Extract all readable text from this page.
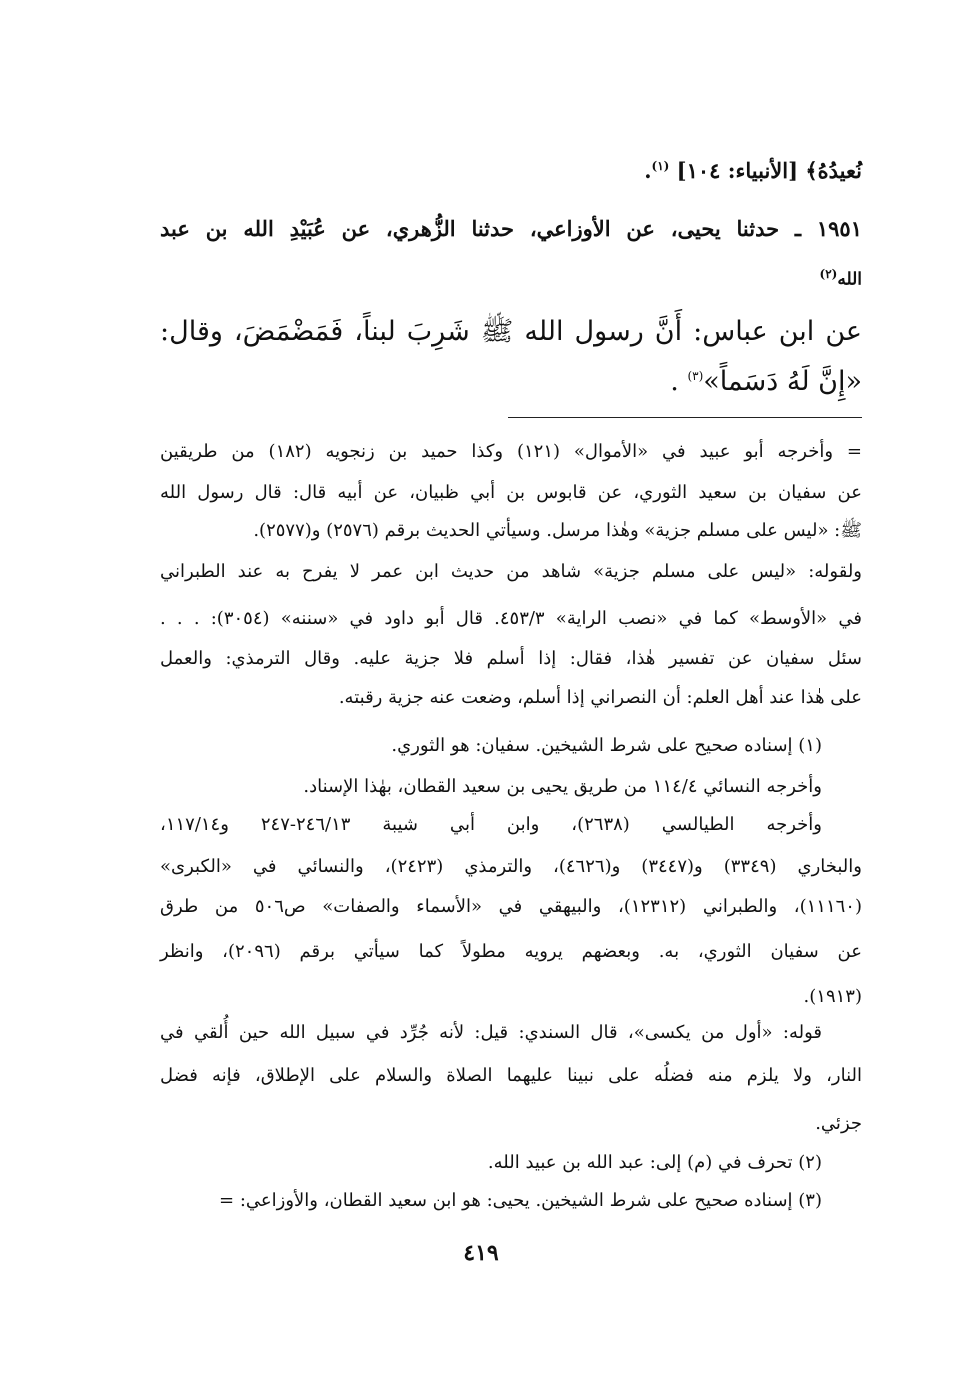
نُعيدُهُ﴾ [الأنبياء: ١٠٤] $^{(١)}$.
١٩٥١ ـ حدثنا يحيى، عن الأوزاعي، حدثنا الزُّهري، عن عُبَيْدِ الله بن عبد
الله$^{(٢)}$
عن ابن عباس: أَنَّ رسول الله ﷺ شَرِبَ لبناً، فَمَضْمَضَ، وقال:
«إِنَّ لَهُ دَسَماً»$^{(٣)}$ .
= وأخرجه أبو عبيد في «الأموال» (١٢١) وكذا حميد بن زنجويه (١٨٢) من طريقين
عن سفيان بن سعيد الثوري، عن قابوس بن أبي ظبيان، عن أبيه قال: قال رسول الله
ﷺ: «ليس على مسلم جزية» وهٰذا مرسل. وسيأتي الحديث برقم (٢٥٧٦) و(٢٥٧٧).
ولقوله: «ليس على مسلم جزية» شاهد من حديث ابن عمر لا يفرح به عند الطبراني
في «الأوسط» كما في «نصب الراية» ٤٥٣/٣. قال أبو داود في «سننه» (٣٠٥٤): . . .
سئل سفيان عن تفسير هٰذا، فقال: إذا أسلم فلا جزية عليه. وقال الترمذي: والعمل
على هٰذا عند أهل العلم: أن النصراني إذا أسلم، وضعت عنه جزية رقبته.
(١) إسناده صحيح على شرط الشيخين. سفيان: هو الثوري.
وأخرجه النسائي ١١٤/٤ من طريق يحيى بن سعيد القطان، بهٰذا الإسناد.
وأخرجه الطيالسي (٢٦٣٨)، وابن أبي شيبة ٢٤٦/١٣-٢٤٧ و١١٧/١٤،
والبخاري (٣٣٤٩) و(٣٤٤٧) و(٤٦٢٦)، والترمذي (٢٤٢٣)، والنسائي في «الكبرى»
(١١١٦٠)، والطبراني (١٢٣١٢)، والبيهقي في «الأسماء والصفات» ص٥٠٦ من طرق
عن سفيان الثوري، به. وبعضهم يرويه مطولاً كما سيأتي برقم (٢٠٩٦)، وانظر
(١٩١٣).
قوله: «أول من يكسى»، قال السندي: قيل: لأنه جُرِّد في سبيل الله حين أُلقي في
النار، ولا يلزم منه فضلُه على نبينا عليهما الصلاة والسلام على الإطلاق، فإنه فضل
جزئي.
(٢) تحرف في (م) إلى: عبد الله بن عبيد الله.
(٣) إسناده صحيح على شرط الشيخين. يحيى: هو ابن سعيد القطان، والأوزاعي: =
٤١٩
